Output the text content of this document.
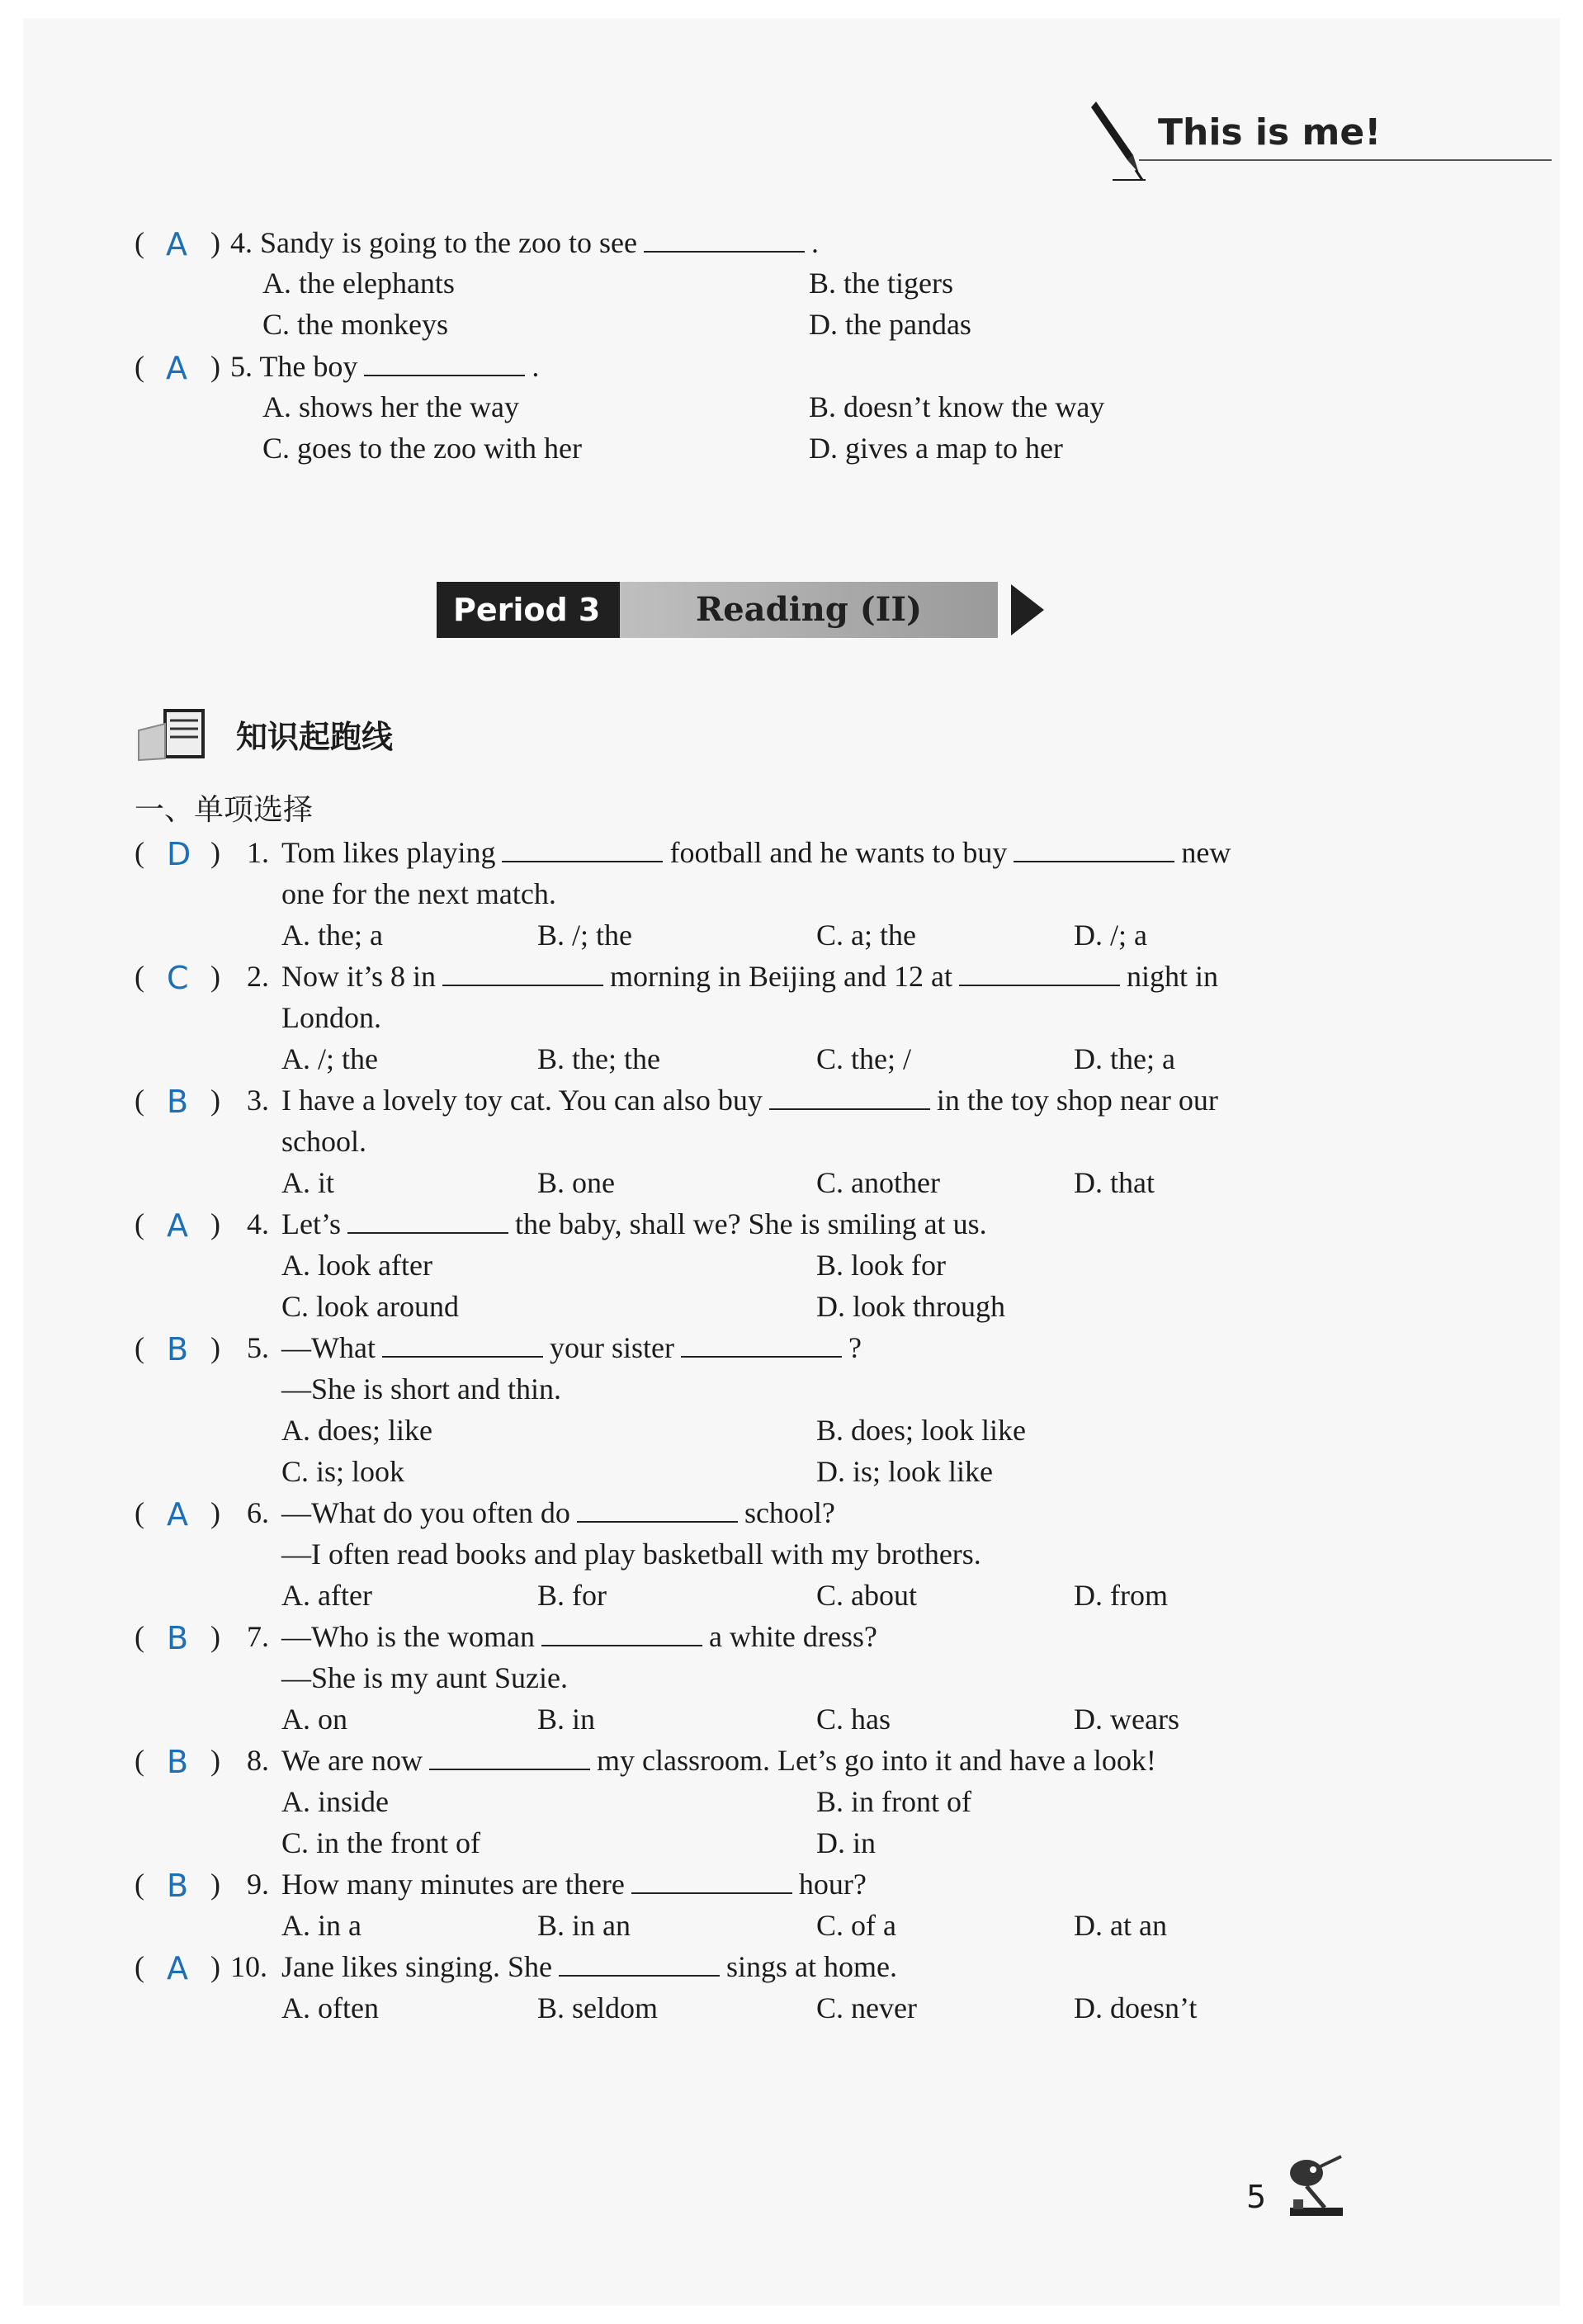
This is me!
( A ) 4. Sandy is going to the zoo to see	.
A. the elephants	B. the tigers
C. the monkeys	D. the pandas
( A ) 5. The boy	.
A. shows her the way	B. doesn’t know the way
C. goes to the zoo with her	D. gives a map to her
Period 3	Reading (II)
知识起跑线
一、单项选择
( D ) 1. Tom likes playing	football and he wants to buy	new
one for the next match.
A. the; a	B. /; the	C. a; the	D. /; a
( C ) 2. Now it’s 8 in	morning in Beijing and 12 at	night in
London.
A. /; the	B. the; the	C. the; /	D. the; a
( B ) 3. I have a lovely toy cat. You can also buy	in the toy shop near our
school.
A. it	B. one	C. another	D. that
( A ) 4. Let’s	the baby, shall we? She is smiling at us.
A. look after	B. look for
C. look around	D. look through
( B ) 5. —What	your sister	?
—She is short and thin.
A. does; like	B. does; look like
C. is; look	D. is; look like
( A ) 6. —What do you often do	school?
—I often read books and play basketball with my brothers.
A. after	B. for	C. about	D. from
( B ) 7. —Who is the woman	a white dress?
—She is my aunt Suzie.
A. on	B. in	C. has	D. wears
( B ) 8. We are now	my classroom. Let’s go into it and have a look!
A. inside	B. in front of
C. in the front of	D. in
( B ) 9. How many minutes are there	hour?
A. in a	B. in an	C. of a	D. at an
( A ) 10. Jane likes singing. She	sings at home.
A. often	B. seldom	C. never	D. doesn’t
5
